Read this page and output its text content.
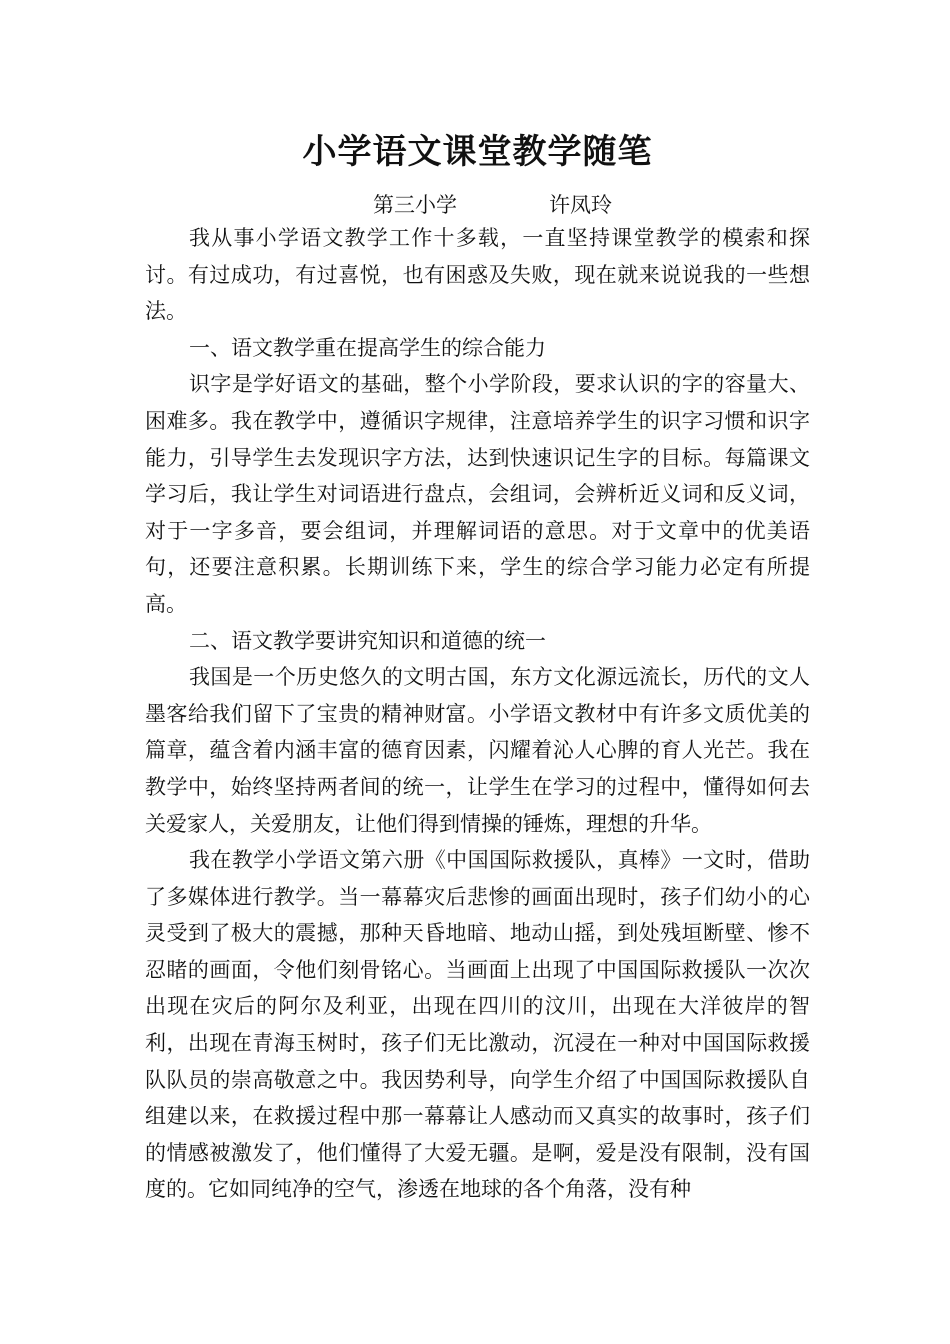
小学语文课堂教学随笔
第三小学	许凤玲

我从事小学语文教学工作十多载，一直坚持课堂教学的模索和探讨。有过成功，有过喜悦，也有困惑及失败，现在就来说说我的一些想法。

一、语文教学重在提高学生的综合能力

识字是学好语文的基础，整个小学阶段，要求认识的字的容量大、困难多。我在教学中，遵循识字规律，注意培养学生的识字习惯和识字能力，引导学生去发现识字方法，达到快速识记生字的目标。每篇课文学习后，我让学生对词语进行盘点，会组词，会辨析近义词和反义词，对于一字多音，要会组词，并理解词语的意思。对于文章中的优美语句，还要注意积累。长期训练下来，学生的综合学习能力必定有所提高。

二、语文教学要讲究知识和道德的统一

我国是一个历史悠久的文明古国，东方文化源远流长，历代的文人墨客给我们留下了宝贵的精神财富。小学语文教材中有许多文质优美的篇章，蕴含着内涵丰富的德育因素，闪耀着沁人心脾的育人光芒。我在教学中，始终坚持两者间的统一，让学生在学习的过程中，懂得如何去关爱家人，关爱朋友，让他们得到情操的锤炼，理想的升华。

我在教学小学语文第六册《中国国际救援队，真棒》一文时，借助了多媒体进行教学。当一幕幕灾后悲惨的画面出现时，孩子们幼小的心灵受到了极大的震撼，那种天昏地暗、地动山摇，到处残垣断壁、惨不忍睹的画面，令他们刻骨铭心。当画面上出现了中国国际救援队一次次出现在灾后的阿尔及利亚，出现在四川的汶川，出现在大洋彼岸的智利，出现在青海玉树时，孩子们无比激动，沉浸在一种对中国国际救援队队员的崇高敬意之中。我因势利导，向学生介绍了中国国际救援队自组建以来，在救援过程中那一幕幕让人感动而又真实的故事时，孩子们的情感被激发了，他们懂得了大爱无疆。是啊，爱是没有限制，没有国度的。它如同纯净的空气，渗透在地球的各个角落，没有种
